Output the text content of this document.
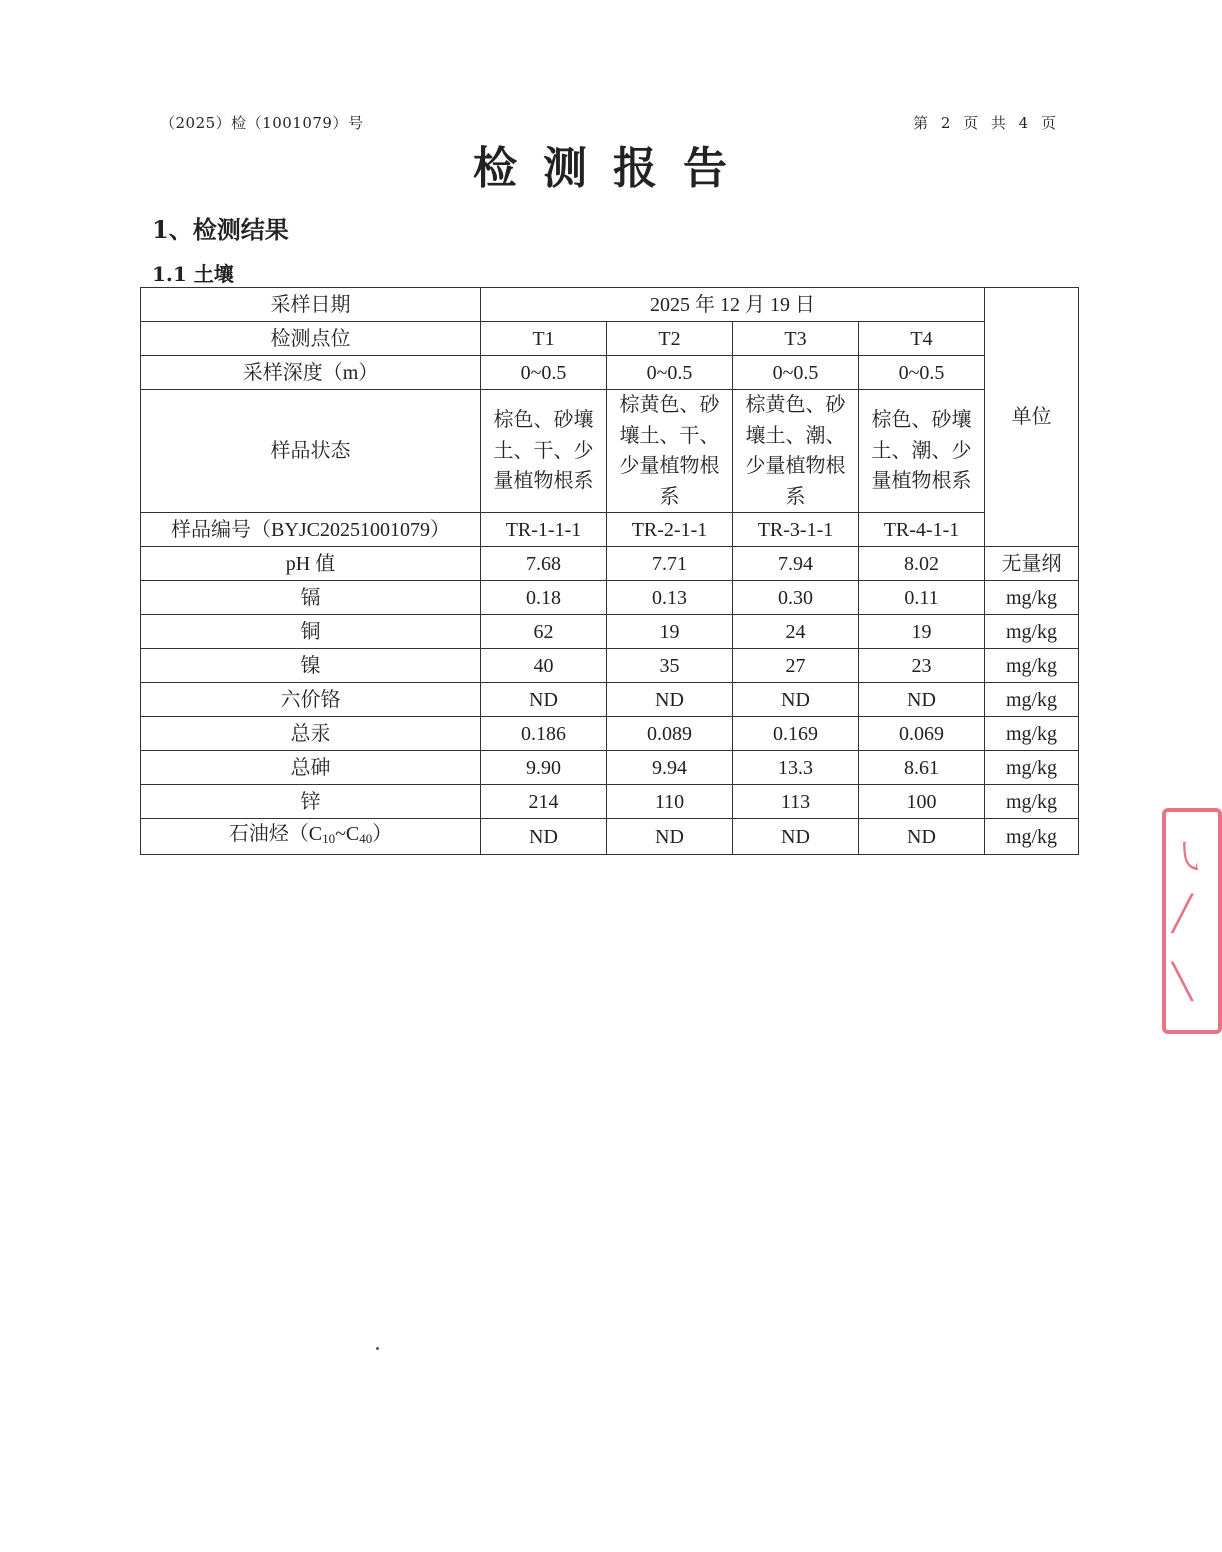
（2025）检（1001079）号	第 2 页 共 4 页
检测报告
1、检测结果
1.1 土壤
采样日期	2025 年 12 月 19 日				单位
检测点位	T1	T2	T3	T4	
采样深度（m）	0~0.5	0~0.5	0~0.5	0~0.5	
样品状态	棕色、砂壤土、干、少量植物根系	棕黄色、砂壤土、干、少量植物根系	棕黄色、砂壤土、潮、少量植物根系	棕色、砂壤土、潮、少量植物根系	

样品编号（BYJC20251001079）	TR-1-1-1	TR-2-1-1	TR-3-1-1	TR-4-1-1	
pH 值	7.68	7.71	7.94	8.02	无量纲
镉	0.18	0.13	0.30	0.11	mg/kg
铜	62	19	24	19	mg/kg
镍	40	35	27	23	mg/kg
六价铬	ND	ND	ND	ND	mg/kg
总汞	0.186	0.089	0.169	0.069	mg/kg
总砷	9.90	9.94	13.3	8.61	mg/kg
锌	214	110	113	100	mg/kg
石油烃$(C_{10}\sim C_{40})$	ND	ND	ND	ND	mg/kg
㇂
╱
╲
